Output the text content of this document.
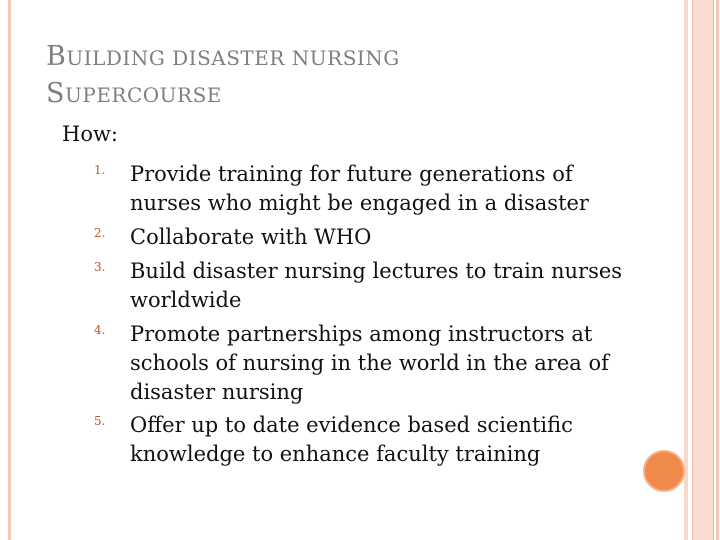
BUILDING DISASTER NURSING
SUPERCOURSE
How:
1. Provide training for future generations of nurses who might be engaged in a disaster
2. Collaborate with WHO
3. Build disaster nursing lectures to train nurses worldwide
4. Promote partnerships among instructors at schools of nursing in the world in the area of disaster nursing
5. Offer up to date evidence based scientific knowledge to enhance faculty training
